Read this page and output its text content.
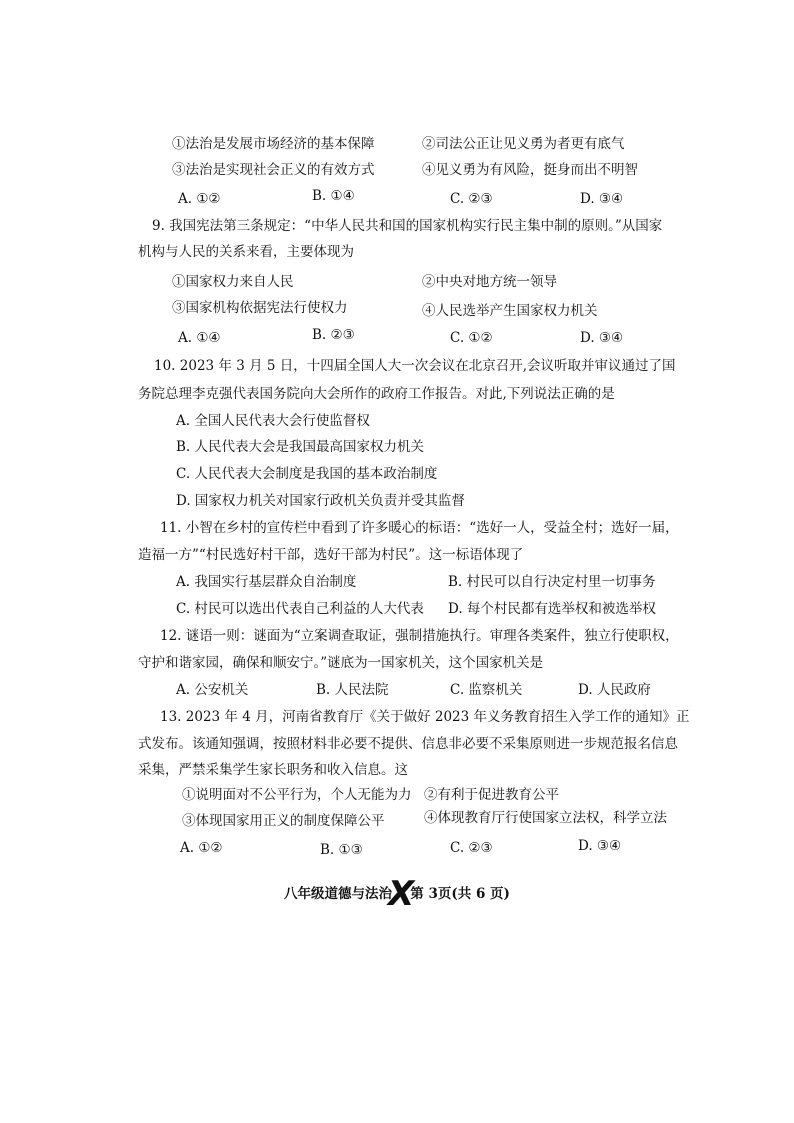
①法治是发展市场经济的基本保障	②司法公正让见义勇为者更有底气
③法治是实现社会正义的有效方式	④见义勇为有风险，挺身而出不明智
A. ①②	B. ①④	C. ②③	D. ③④
9. 我国宪法第三条规定：“中华人民共和国的国家机构实行民主集中制的原则。”从国家
机构与人民的关系来看，主要体现为
①国家权力来自人民	②中央对地方统一领导
③国家机构依据宪法行使权力	④人民选举产生国家权力机关
A. ①④	B. ②③	C. ①②	D. ③④
10. 2023 年 3 月 5 日，十四届全国人大一次会议在北京召开,会议听取并审议通过了国
务院总理李克强代表国务院向大会所作的政府工作报告。对此,下列说法正确的是
A. 全国人民代表大会行使监督权
B. 人民代表大会是我国最高国家权力机关
C. 人民代表大会制度是我国的基本政治制度
D. 国家权力机关对国家行政机关负责并受其监督
11. 小智在乡村的宣传栏中看到了许多暖心的标语：“选好一人，受益全村；选好一届，
造福一方”“村民选好村干部，选好干部为村民”。这一标语体现了
A. 我国实行基层群众自治制度	B. 村民可以自行决定村里一切事务
C. 村民可以选出代表自己利益的人大代表 D. 每个村民都有选举权和被选举权
12. 谜语一则：谜面为“立案调查取证，强制措施执行。审理各类案件，独立行使职权，
守护和谐家园，确保和顺安宁。”谜底为一国家机关，这个国家机关是
A. 公安机关	B. 人民法院	C. 监察机关	D. 人民政府
13. 2023 年 4 月，河南省教育厅《关于做好 2023 年义务教育招生入学工作的通知》正
式发布。该通知强调，按照材料非必要不提供、信息非必要不采集原则进一步规范报名信息
采集，严禁采集学生家长职务和收入信息。这
①说明面对不公平行为，个人无能为力 ②有利于促进教育公平
③体现国家用正义的制度保障公平	④体现教育厅行使国家立法权，科学立法
A. ①②	B. ①③	C. ②③	D. ③④
八年级道德与法治X第 3页(共 6 页)
